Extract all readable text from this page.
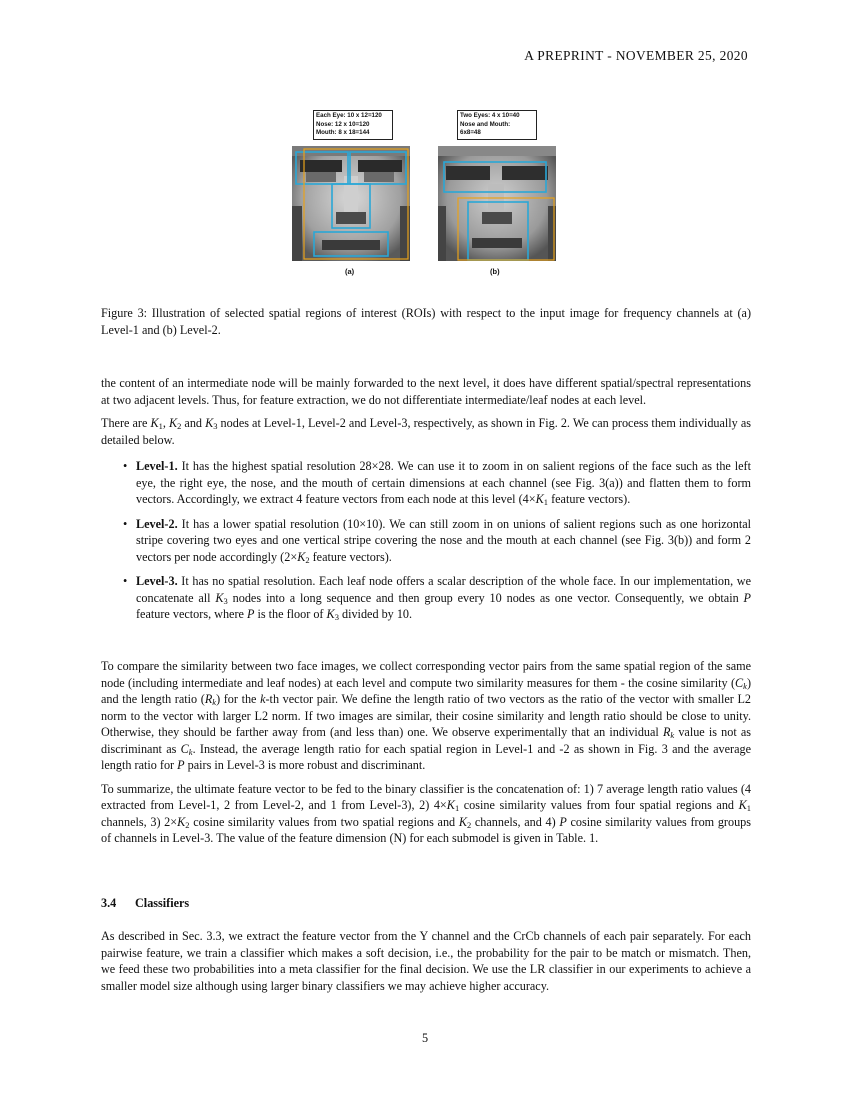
A PREPRINT - NOVEMBER 25, 2020
Each Eye: 10 x 12=120
Nose: 12 x 10=120
Mouth: 8 x 18=144
(a)
Two Eyes: 4 x 10=40
Nose and Mouth:
6x8=48
(b)
Figure 3: Illustration of selected spatial regions of interest (ROIs) with respect to the input image for frequency channels at (a) Level-1 and (b) Level-2.

the content of an intermediate node will be mainly forwarded to the next level, it does have different spatial/spectral representations at two adjacent levels. Thus, for feature extraction, we do not differentiate intermediate/leaf nodes at each level.

There are $K_1$, $K_2$ and $K_3$ nodes at Level-1, Level-2 and Level-3, respectively, as shown in Fig. 2. We can process them individually as detailed below.

• Level-1. It has the highest spatial resolution 28×28. We can use it to zoom in on salient regions of the face such as the left eye, the right eye, the nose, and the mouth of certain dimensions at each channel (see Fig. 3(a)) and flatten them to form vectors. Accordingly, we extract 4 feature vectors from each node at this level ($4\times K_1$ feature vectors).
• Level-2. It has a lower spatial resolution (10×10). We can still zoom in on unions of salient regions such as one horizontal stripe covering two eyes and one vertical stripe covering the nose and the mouth at each channel (see Fig. 3(b)) and form 2 vectors per node accordingly ($2\times K_2$ feature vectors).
• Level-3. It has no spatial resolution. Each leaf node offers a scalar description of the whole face. In our implementation, we concatenate all $K_3$ nodes into a long sequence and then group every 10 nodes as one vector. Consequently, we obtain P feature vectors, where P is the floor of $K_3$ divided by 10.

To compare the similarity between two face images, we collect corresponding vector pairs from the same spatial region of the same node (including intermediate and leaf nodes) at each level and compute two similarity measures for them - the cosine similarity $(C_k)$ and the length ratio $(R_k)$ for the k-th vector pair. We define the length ratio of two vectors as the ratio of the vector with smaller L2 norm to the vector with larger L2 norm. If two images are similar, their cosine similarity and length ratio should be close to unity. Otherwise, they should be farther away from (and less than) one. We observe experimentally that an individual $R_k$ value is not as discriminant as $C_k$. Instead, the average length ratio for each spatial region in Level-1 and -2 as shown in Fig. 3 and the average length ratio for P pairs in Level-3 is more robust and discriminant.

To summarize, the ultimate feature vector to be fed to the binary classifier is the concatenation of: 1) 7 average length ratio values (4 extracted from Level-1, 2 from Level-2, and 1 from Level-3), 2) $4\times K_1$ cosine similarity values from four spatial regions and $K_1$ channels, 3) $2\times K_2$ cosine similarity values from two spatial regions and $K_2$ channels, and 4) P cosine similarity values from groups of channels in Level-3. The value of the feature dimension (N) for each submodel is given in Table. 1.

3.4 Classifiers

As described in Sec. 3.3, we extract the feature vector from the Y channel and the CrCb channels of each pair separately. For each pairwise feature, we train a classifier which makes a soft decision, i.e., the probability for the pair to be match or mismatch. Then, we feed these two probabilities into a meta classifier for the final decision. We use the LR classifier in our experiments to achieve a smaller model size although using larger binary classifiers we may achieve higher accuracy.

5
